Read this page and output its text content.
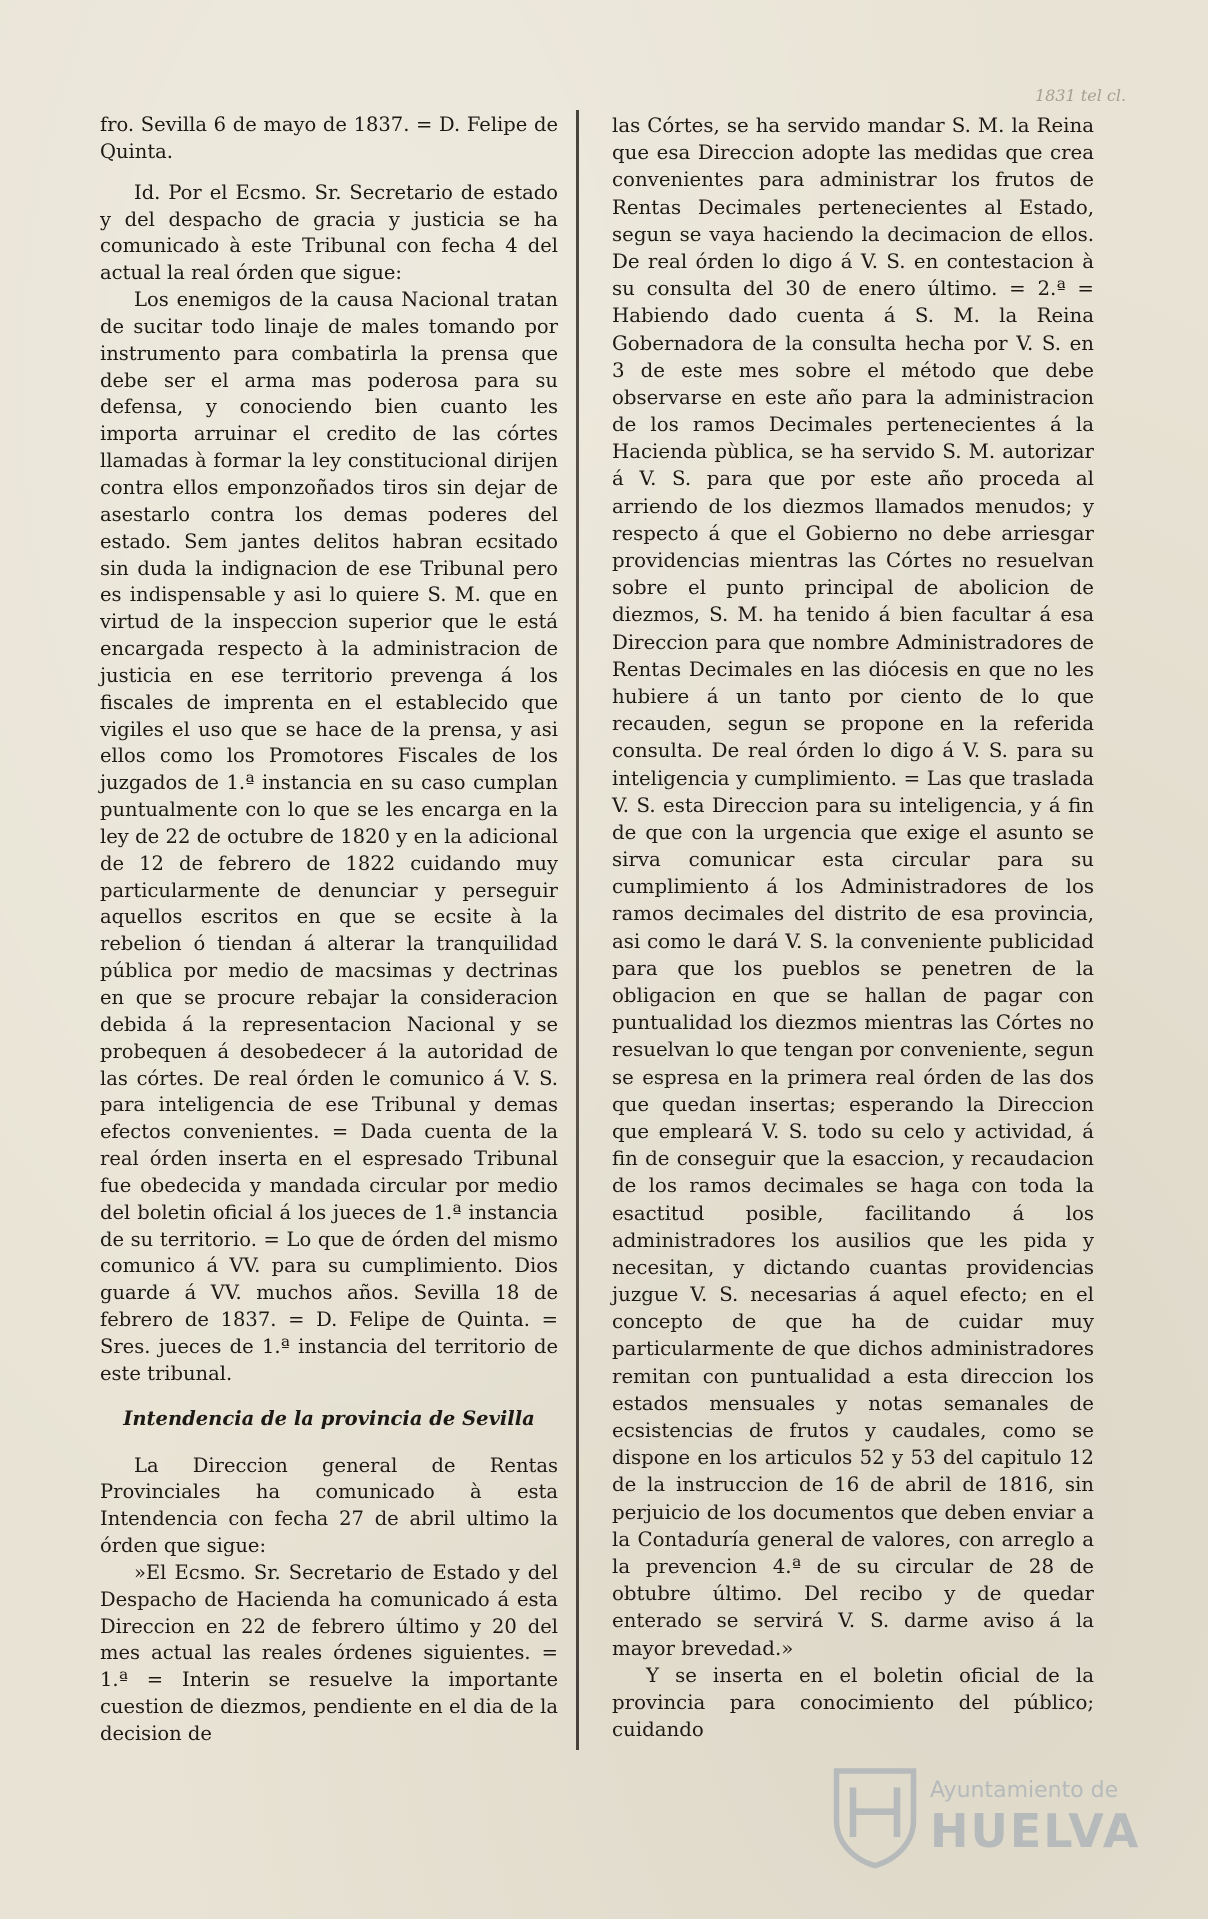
1831 tel cl.

fro. Sevilla 6 de mayo de 1837. = D. Felipe de Quinta.

Id. Por el Ecsmo. Sr. Secretario de estado y del despacho de gracia y justicia se ha comunicado à este Tribunal con fecha 4 del actual la real órden que sigue:

Los enemigos de la causa Nacional tratan de sucitar todo linaje de males tomando por instrumento para combatirla la prensa que debe ser el arma mas poderosa para su defensa, y conociendo bien cuanto les importa arruinar el credito de las córtes llamadas à formar la ley constitucional dirijen contra ellos emponzoñados tiros sin dejar de asestarlo contra los demas poderes del estado. Sem jantes delitos habran ecsitado sin duda la indignacion de ese Tribunal pero es indispensable y asi lo quiere S. M. que en virtud de la inspeccion superior que le está encargada respecto à la administracion de justicia en ese territorio prevenga á los fiscales de imprenta en el establecido que vigiles el uso que se hace de la prensa, y asi ellos como los Promotores Fiscales de los juzgados de 1.ª instancia en su caso cumplan puntualmente con lo que se les encarga en la ley de 22 de octubre de 1820 y en la adicional de 12 de febrero de 1822 cuidando muy particularmente de denunciar y perseguir aquellos escritos en que se ecsite à la rebelion ó tiendan á alterar la tranquilidad pública por medio de macsimas y dectrinas en que se procure rebajar la consideracion debida á la representacion Nacional y se probequen á desobedecer á la autoridad de las córtes. De real órden le comunico á V. S. para inteligencia de ese Tribunal y demas efectos convenientes. = Dada cuenta de la real órden inserta en el espresado Tribunal fue obedecida y mandada circular por medio del boletin oficial á los jueces de 1.ª instancia de su territorio. = Lo que de órden del mismo comunico á VV. para su cumplimiento. Dios guarde á VV. muchos años. Sevilla 18 de febrero de 1837. = D. Felipe de Quinta. = Sres. jueces de 1.ª instancia del territorio de este tribunal.

Intendencia de la provincia de Sevilla

La Direccion general de Rentas Provinciales ha comunicado à esta Intendencia con fecha 27 de abril ultimo la órden que sigue:

»El Ecsmo. Sr. Secretario de Estado y del Despacho de Hacienda ha comunicado á esta Direccion en 22 de febrero último y 20 del mes actual las reales órdenes siguientes. = 1.ª = Interin se resuelve la importante cuestion de diezmos, pendiente en el dia de la decision de

las Córtes, se ha servido mandar S. M. la Reina que esa Direccion adopte las medidas que crea convenientes para administrar los frutos de Rentas Decimales pertenecientes al Estado, segun se vaya haciendo la decimacion de ellos. De real órden lo digo á V. S. en contestacion à su consulta del 30 de enero último. = 2.ª = Habiendo dado cuenta á S. M. la Reina Gobernadora de la consulta hecha por V. S. en 3 de este mes sobre el método que debe observarse en este año para la administracion de los ramos Decimales pertenecientes á la Hacienda pùblica, se ha servido S. M. autorizar á V. S. para que por este año proceda al arriendo de los diezmos llamados menudos; y respecto á que el Gobierno no debe arriesgar providencias mientras las Córtes no resuelvan sobre el punto principal de abolicion de diezmos, S. M. ha tenido á bien facultar á esa Direccion para que nombre Administradores de Rentas Decimales en las diócesis en que no les hubiere á un tanto por ciento de lo que recauden, segun se propone en la referida consulta. De real órden lo digo á V. S. para su inteligencia y cumplimiento. = Las que traslada V. S. esta Direccion para su inteligencia, y á fin de que con la urgencia que exige el asunto se sirva comunicar esta circular para su cumplimiento á los Administradores de los ramos decimales del distrito de esa provincia, asi como le dará V. S. la conveniente publicidad para que los pueblos se penetren de la obligacion en que se hallan de pagar con puntualidad los diezmos mientras las Córtes no resuelvan lo que tengan por conveniente, segun se espresa en la primera real órden de las dos que quedan insertas; esperando la Direccion que empleará V. S. todo su celo y actividad, á fin de conseguir que la esaccion, y recaudacion de los ramos decimales se haga con toda la esactitud posible, facilitando á los administradores los ausilios que les pida y necesitan, y dictando cuantas providencias juzgue V. S. necesarias á aquel efecto; en el concepto de que ha de cuidar muy particularmente de que dichos administradores remitan con puntualidad a esta direccion los estados mensuales y notas semanales de ecsistencias de frutos y caudales, como se dispone en los articulos 52 y 53 del capitulo 12 de la instruccion de 16 de abril de 1816, sin perjuicio de los documentos que deben enviar a la Contaduría general de valores, con arreglo a la prevencion 4.ª de su circular de 28 de obtubre último. Del recibo y de quedar enterado se servirá V. S. darme aviso á la mayor brevedad.»

Y se inserta en el boletin oficial de la provincia para conocimiento del público; cuidando

Ayuntamiento de
HUELVA
